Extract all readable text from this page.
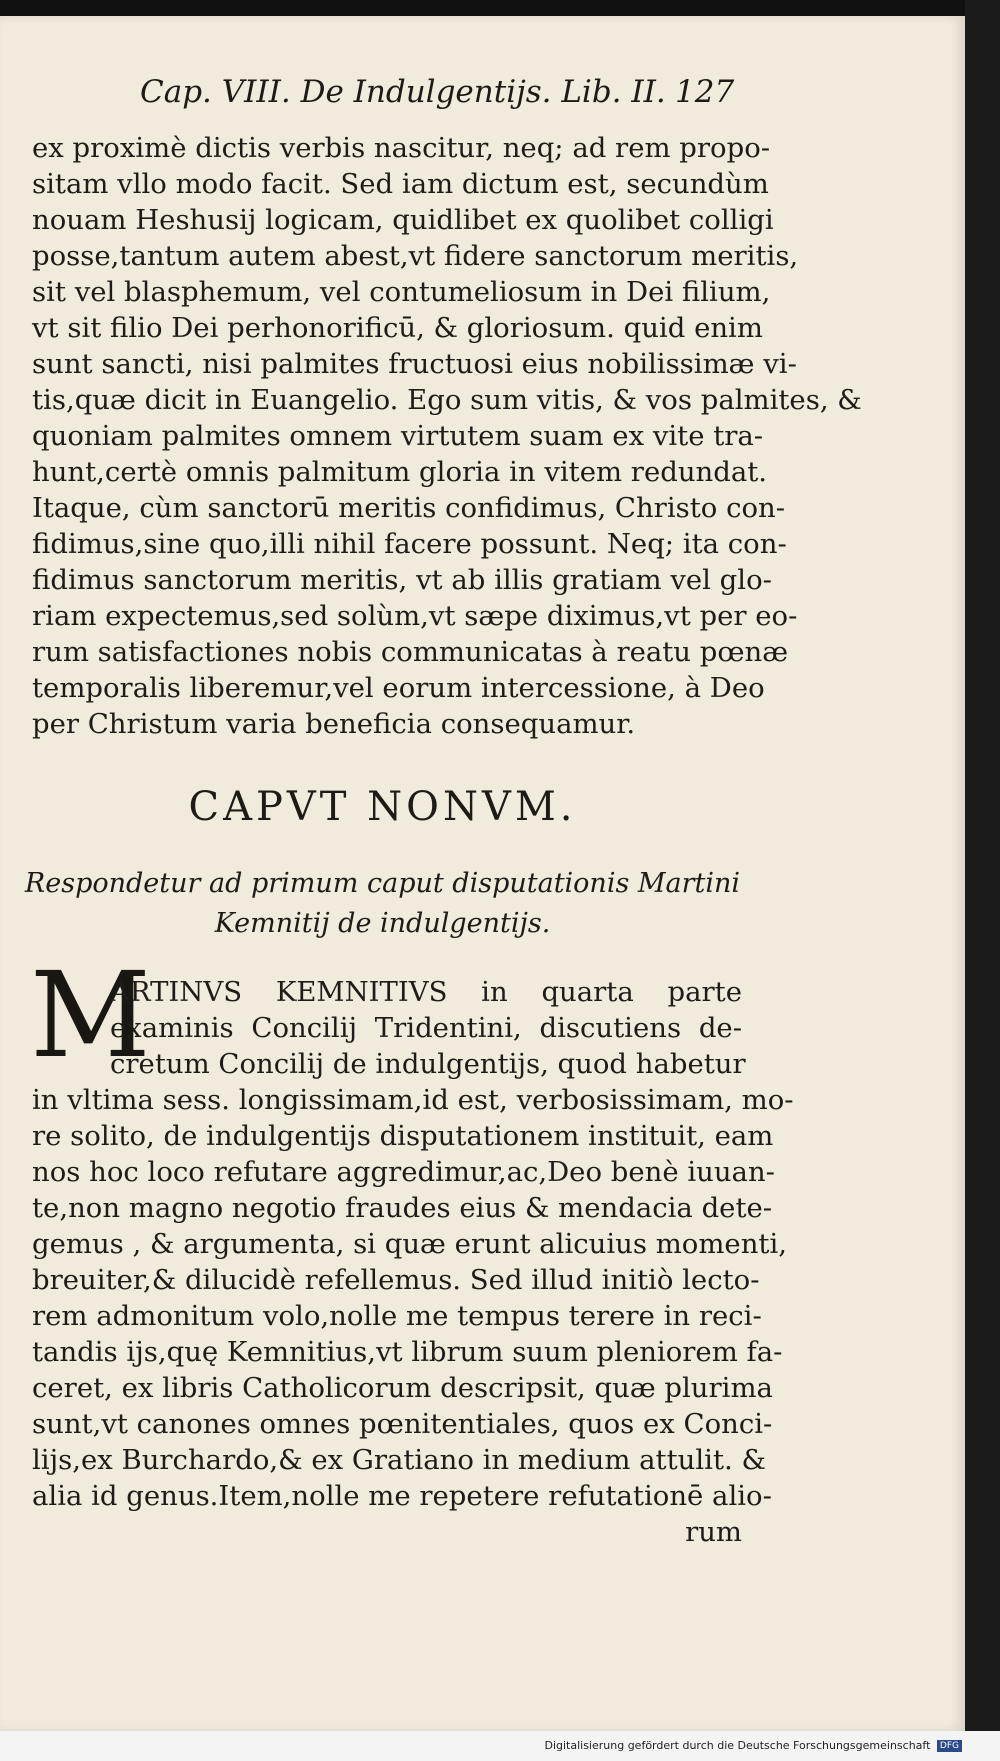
Cap. VIII. De Indulgentijs. Lib. II. 127
ex proximè dictis verbis nascitur, neq; ad rem propo-
sitam vllo modo facit. Sed iam dictum est, secundùm
nouam Heshusij logicam, quidlibet ex quolibet colligi
posse,tantum autem abest,vt fidere sanctorum meritis,
sit vel blasphemum, vel contumeliosum in Dei filium,
vt sit filio Dei perhonorificū, & gloriosum. quid enim
sunt sancti, nisi palmites fructuosi eius nobilissimæ vi-
tis,quæ dicit in Euangelio. Ego sum vitis, & vos palmites, &
quoniam palmites omnem virtutem suam ex vite tra-
hunt,certè omnis palmitum gloria in vitem redundat.
Itaque, cùm sanctorū meritis confidimus, Christo con-
fidimus,sine quo,illi nihil facere possunt. Neq; ita con-
fidimus sanctorum meritis, vt ab illis gratiam vel glo-
riam expectemus,sed solùm,vt sæpe diximus,vt per eo-
rum satisfactiones nobis communicatas à reatu pœnæ
temporalis liberemur,vel eorum intercessione, à Deo
per Christum varia beneficia consequamur.
CAPVT NONVM.
Respondetur ad primum caput disputationis Martini
Kemnitij de indulgentijs.
M
ARTINVS KEMNITIVS in quarta parte
examinis Concilij Tridentini, discutiens de-
cretum Concilij de indulgentijs, quod habetur
in vltima sess. longissimam,id est, verbosissimam, mo-
re solito, de indulgentijs disputationem instituit, eam
nos hoc loco refutare aggredimur,ac,Deo benè iuuan-
te,non magno negotio fraudes eius & mendacia dete-
gemus , & argumenta, si quæ erunt alicuius momenti,
breuiter,& dilucidè refellemus. Sed illud initiò lecto-
rem admonitum volo,nolle me tempus terere in reci-
tandis ijs,quę Kemnitius,vt librum suum pleniorem fa-
ceret, ex libris Catholicorum descripsit, quæ plurima
sunt,vt canones omnes pœnitentiales, quos ex Conci-
lijs,ex Burchardo,& ex Gratiano in medium attulit. &
alia id genus.Item,nolle me repetere refutationē alio-
rum
Digitalisierung gefördert durch die Deutsche Forschungsgemeinschaft DFG
